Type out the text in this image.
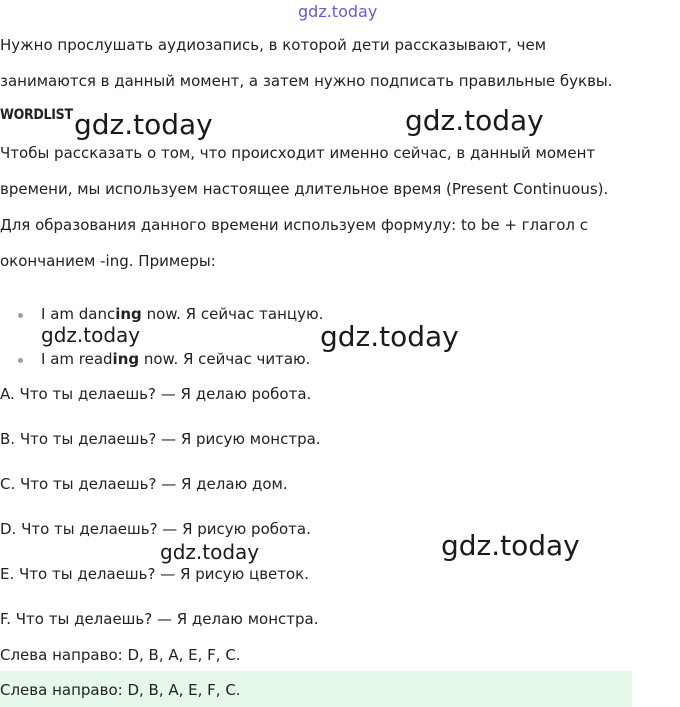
gdz.today
gdz.today	gdz.today
gdz.today	gdz.today
gdz.today	gdz.today
Нужно прослушать аудиозапись, в которой дети рассказывают, чем
занимаются в данный момент, а затем нужно подписать правильные буквы.
WORDLIST
Чтобы рассказать о том, что происходит именно сейчас, в данный момент
времени, мы используем настоящее длительное время (Present Continuous).
Для образования данного времени используем формулу: to be + глагол с
окончанием -ing. Примеры:
I am dancing now. Я сейчас танцую.
I am reading now. Я сейчас читаю.
A. Что ты делаешь? — Я делаю робота.
B. Что ты делаешь? — Я рисую монстра.
C. Что ты делаешь? — Я делаю дом.
D. Что ты делаешь? — Я рисую робота.
E. Что ты делаешь? — Я рисую цветок.
F. Что ты делаешь? — Я делаю монстра.
Слева направо: D, B, A, E, F, C.
Слева направо: D, B, A, E, F, C.
